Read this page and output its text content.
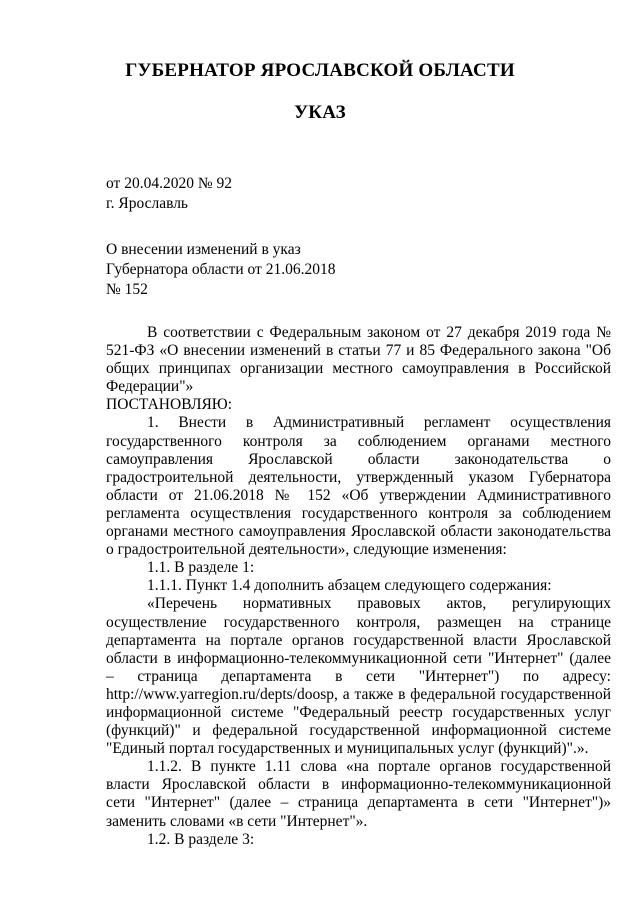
ГУБЕРНАТОР ЯРОСЛАВСКОЙ ОБЛАСТИ
УКАЗ
от 20.04.2020 № 92
г. Ярославль
О внесении изменений в указ
Губернатора области от 21.06.2018
№ 152

В соответствии с Федеральным законом от 27 декабря 2019 года № 521-ФЗ «О внесении изменений в статьи 77 и 85 Федерального закона "Об общих принципах организации местного самоуправления в Российской Федерации"»

ПОСТАНОВЛЯЮ:

1. Внести в Административный регламент осуществления государственного контроля за соблюдением органами местного самоуправления Ярославской области законодательства о градостроительной деятельности, утвержденный указом Губернатора области от 21.06.2018 № 152 «Об утверждении Административного регламента осуществления государственного контроля за соблюдением органами местного самоуправления Ярославской области законодательства о градостроительной деятельности», следующие изменения:

1.1. В разделе 1:

1.1.1. Пункт 1.4 дополнить абзацем следующего содержания:

«Перечень нормативных правовых актов, регулирующих осуществление государственного контроля, размещен на странице департамента на портале органов государственной власти Ярославской области в информационно-телекоммуникационной сети "Интернет" (далее – страница департамента в сети "Интернет") по адресу: http://www.yarregion.ru/depts/doosp, а также в федеральной государственной информационной системе "Федеральный реестр государственных услуг (функций)" и федеральной государственной информационной системе "Единый портал государственных и муниципальных услуг (функций)".».

1.1.2. В пункте 1.11 слова «на портале органов государственной власти Ярославской области в информационно-телекоммуникационной сети "Интернет" (далее – страница департамента в сети "Интернет")» заменить словами «в сети "Интернет"».

1.2. В разделе 3:
